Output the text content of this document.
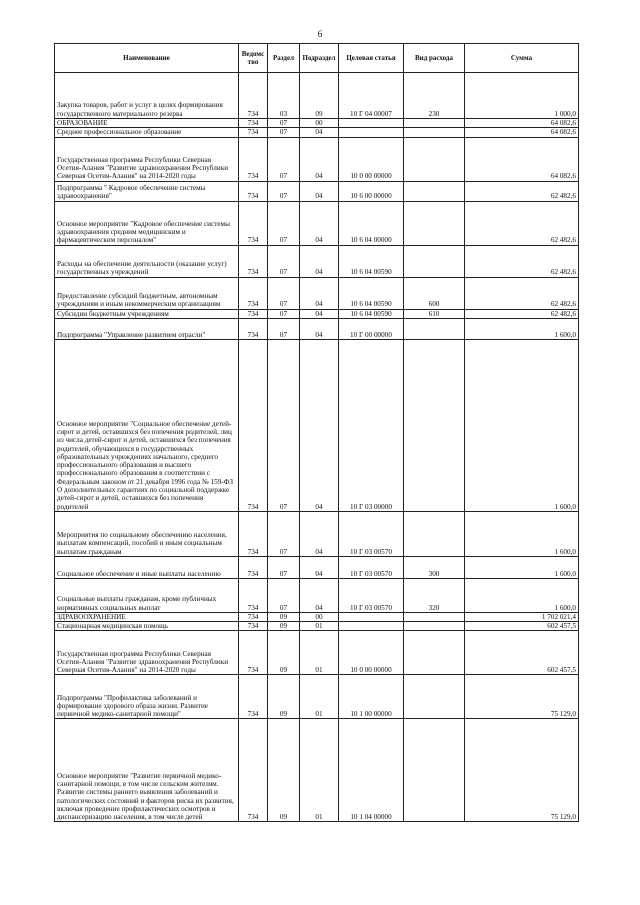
6
Наименование	Ведомс тво	Раздел	Подраздел	Целевая статья	Вид расхода	Сумма
Закупка товаров, работ и услуг в целях формирования государственного материального резерва	734	03	09	10 Г 04 00007	230	1 000,0
ОБРАЗОВАНИЕ	734	07	00			64 082,6
Среднее профессиональное образование	734	07	04			64 082,6
Государственная программа Республики Северная Осетия-Алания "Развитие здравоохранения Республики Северная Осетия-Алания" на 2014-2020 годы	734	07	04	10 0 00 00000		64 082,6
Подпрограмма " Кадровое обеспечение системы здравоохранения"	734	07	04	10 6 00 00000		62 482,6
Основное мероприятие "Кадровое обеспечение системы здравоохранения средним медицинским и фармацевтическим персоналом"	734	07	04	10 6 04 00000		62 482,6
Расходы на обеспечение деятельности (оказание услуг) государственных учреждений	734	07	04	10 6 04 00590		62 482,6
Предоставление субсидий бюджетным, автономным учреждениям и иным некоммерческим организациям	734	07	04	10 6 04 00590	600	62 482,6
Субсидии бюджетным учреждениям	734	07	04	10 6 04 00590	610	62 482,6
Подпрограмма "Управление развитием отрасли"	734	07	04	10 Г 00 00000		1 600,0
Основное мероприятие "Социальное обеспечение детей-сирот и детей, оставшихся без попечения родителей, лиц из числа детей-сирот и детей, оставшихся без попечения родителей, обучающихся в государственных образовательных учреждениях начального, среднего профессионального образования и высшего профессионального образования в соответствии с Федеральным законом от 21 декабря 1996 года № 159-ФЗ О дополнительных гарантиях по социальной поддержке детей-сирот и детей, оставшихся без попечения родителей	734	07	04	10 Г 03 00000		1 600,0
Мероприятия по социальному обеспечению населения, выплатам компенсаций, пособий и иным социальным выплатам гражданам	734	07	04	10 Г 03 00570		1 600,0
Социальное обеспечение и иные выплаты населению	734	07	04	10 Г 03 00570	300	1 600,0
Социальные выплаты гражданам, кроме публичных нормативных социальных выплат	734	07	04	10 Г 03 00570	320	1 600,0
ЗДРАВООХРАНЕНИЕ	734	09	00			1 702 021,4
Стационарная медицинская помощь	734	09	01			602 457,5
Государственная программа Республики Северная Осетия-Алания "Развитие здравоохранения Республики Северная Осетия-Алания" на 2014-2020 годы	734	09	01	10 0 00 00000		602 457,5
Подпрограмма "Профилактика заболеваний и формирование здорового образа жизни. Развитие первичной медико-санитарной помощи"	734	09	01	10 1 00 00000		75 129,0
Основное мероприятие "Развитие первичной медико-санитарной помощи, в том числе сельским жителям. Развитие системы раннего выявления заболеваний и патологических состояний и факторов риска их развития, включая проведение профилактических осмотров и диспансеризацию населения, в том числе детей	734	09	01	10 1 04 00000		75 129,0
